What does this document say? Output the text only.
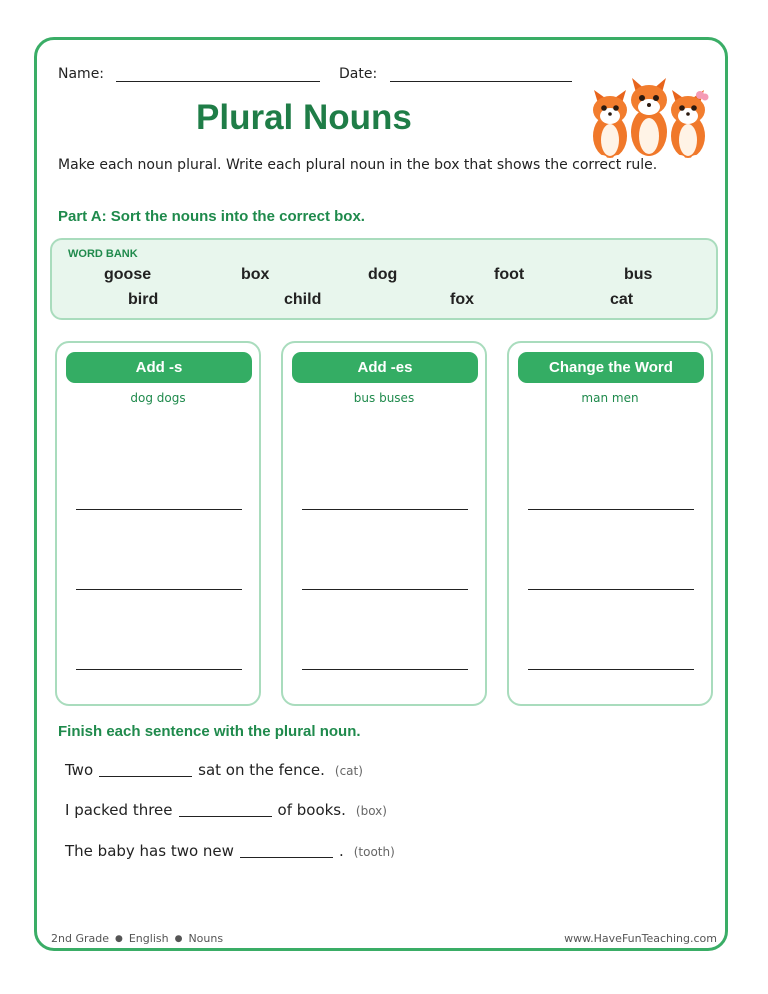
Name:	Date:
Plural Nouns
Make each noun plural. Write each plural noun in the box that shows the correct rule.
Part A: Sort the nouns into the correct box.
WORD BANK
goose	box	dog	foot	bus
bird	child	fox	cat
Add -s
dog dogs
Add -es
bus buses
Change the Word
man men
Finish each sentence with the plural noun.
Two	sat on the fence. (cat)
I packed three	of books. (box)
The baby has two new	. (tooth)
2nd Grade ● English ● Nouns	www.HaveFunTeaching.com
